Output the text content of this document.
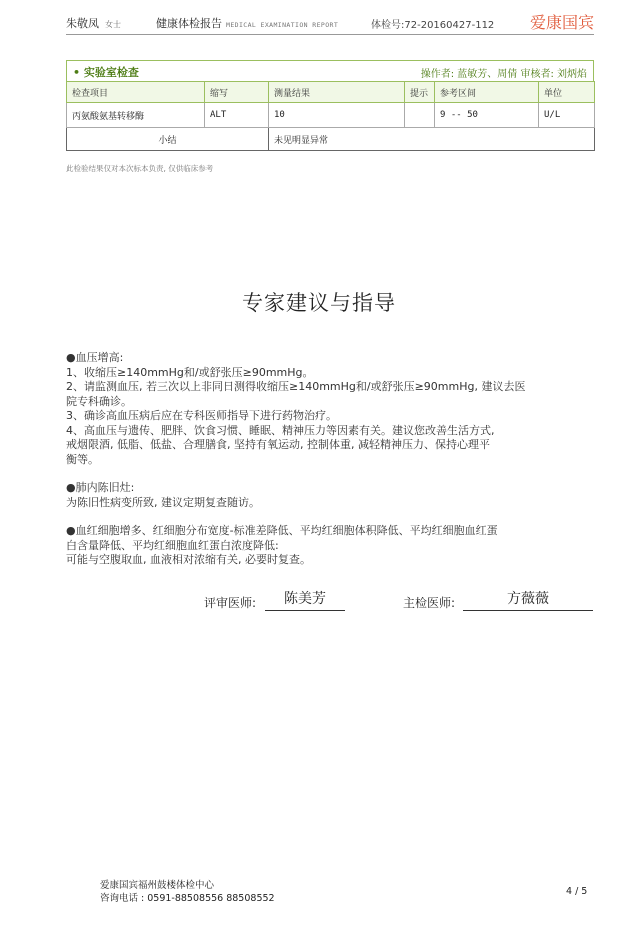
朱敬凤 女士	健康体检报告 MEDICAL EXAMINATION REPORT	体检号:72-20160427-112 爱康国宾
• 实验室检查	操作者: 蓝敏芳、周倩 审核者: 刘炳焰
检查项目	缩写	测量结果	提示	参考区间	单位
丙氨酸氨基转移酶	ALT	10		9 -- 50	U/L
小结		未见明显异常			
此检验结果仅对本次标本负责, 仅供临床参考
专家建议与指导

●血压增高:

1、收缩压≥140mmHg和/或舒张压≥90mmHg。

2、请监测血压, 若三次以上非同日测得收缩压≥140mmHg和/或舒张压≥90mmHg, 建议去医

院专科确诊。

3、确诊高血压病后应在专科医师指导下进行药物治疗。

4、高血压与遗传、肥胖、饮食习惯、睡眠、精神压力等因素有关。建议您改善生活方式,

戒烟限酒, 低脂、低盐、合理膳食, 坚持有氧运动, 控制体重, 减轻精神压力、保持心理平

衡等。

●肺内陈旧灶:

为陈旧性病变所致, 建议定期复查随访。

●血红细胞增多、红细胞分布宽度-标准差降低、平均红细胞体积降低、平均红细胞血红蛋

白含量降低、平均红细胞血红蛋白浓度降低:

可能与空腹取血, 血液相对浓缩有关, 必要时复查。

评审医师:	陈美芳	主检医师:	方薇薇
爱康国宾福州鼓楼体检中心
咨询电话 : 0591-88508556 88508552
4 / 5
